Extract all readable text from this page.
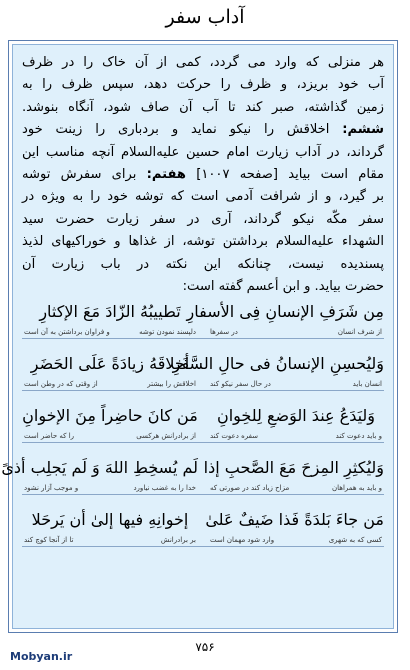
آداب سفر
هر منزلی که وارد می گردد، کمی از آن خاک را در ظرف
آب خود بریزد، و ظرف را حرکت دهد، سپس ظرف را به
زمین گذاشته، صبر کند تا آب آن صاف شود، آنگاه بنوشد.
ششم: اخلاقش را نیکو نماید و بردباری را زینت خود
گرداند، در آداب زیارت امام حسین علیه‌السلام آنچه مناسب این
مقام است بیاید [صفحه ۱۰۰۷] هفتم: برای سفرش توشه
بر گیرد، و از شرافت آدمی است که توشه خود را به ویژه در
سفر مکّه نیکو گرداند، آری در سفر زیارت حضرت سید
الشهداء علیه‌السلام برداشتن توشه، از غذاها و خوراکیهای لذیذ
پسندیده نیست، چنانکه این نکته در باب زیارت آن
حضرت بیاید. و ابن أعسم گفته است:
مِن شَرَفِ الإنسانِ فِی الأسفارِ
از شرف انسان
در سفرها
تَطییبُهُ الزّادَ مَعَ الإکثارِ
دلپسند نمودن توشه
و فراوان برداشتن به آن است
وَلیُحسِنِ الإنسانُ فی حالِ السَّفَرِ
انسان باید
در حال سفر نیکو کند
أخلاقَهُ زیادَةً عَلَی الحَضَرِ
اخلاقش را بیشتر
از وقتی که در وطن است
وَلیَدَعُ عِندَ الوَضعِ لِلخِوانِ
و باید دعوت کند
سفره دعوت کند
مَن کانَ حاضِراً مِنَ الإخوانِ
از برادرانش هرکسی
را که حاضر است
وَلیُکثِرِ المِزحَ مَعَ الصَّحبِ إذا
و باید به همراهان
مزاح زیاد کند در صورتی که
لَم یُسخِطِ اللهَ وَ لَم یَجلِب أذیً
خدا را به غضب نیاورد
و موجب آزار نشود
مَن جاءَ بَلدَةً فَذا ضَیفٌ عَلیٰ
کسی که به شهری
وارد شود مهمان است
إخوانِهِ فیها إلیٰ أن یَرحَلا
بر برادرانش
تا از آنجا کوچ کند
۷۵۶
Mobyan.ir
